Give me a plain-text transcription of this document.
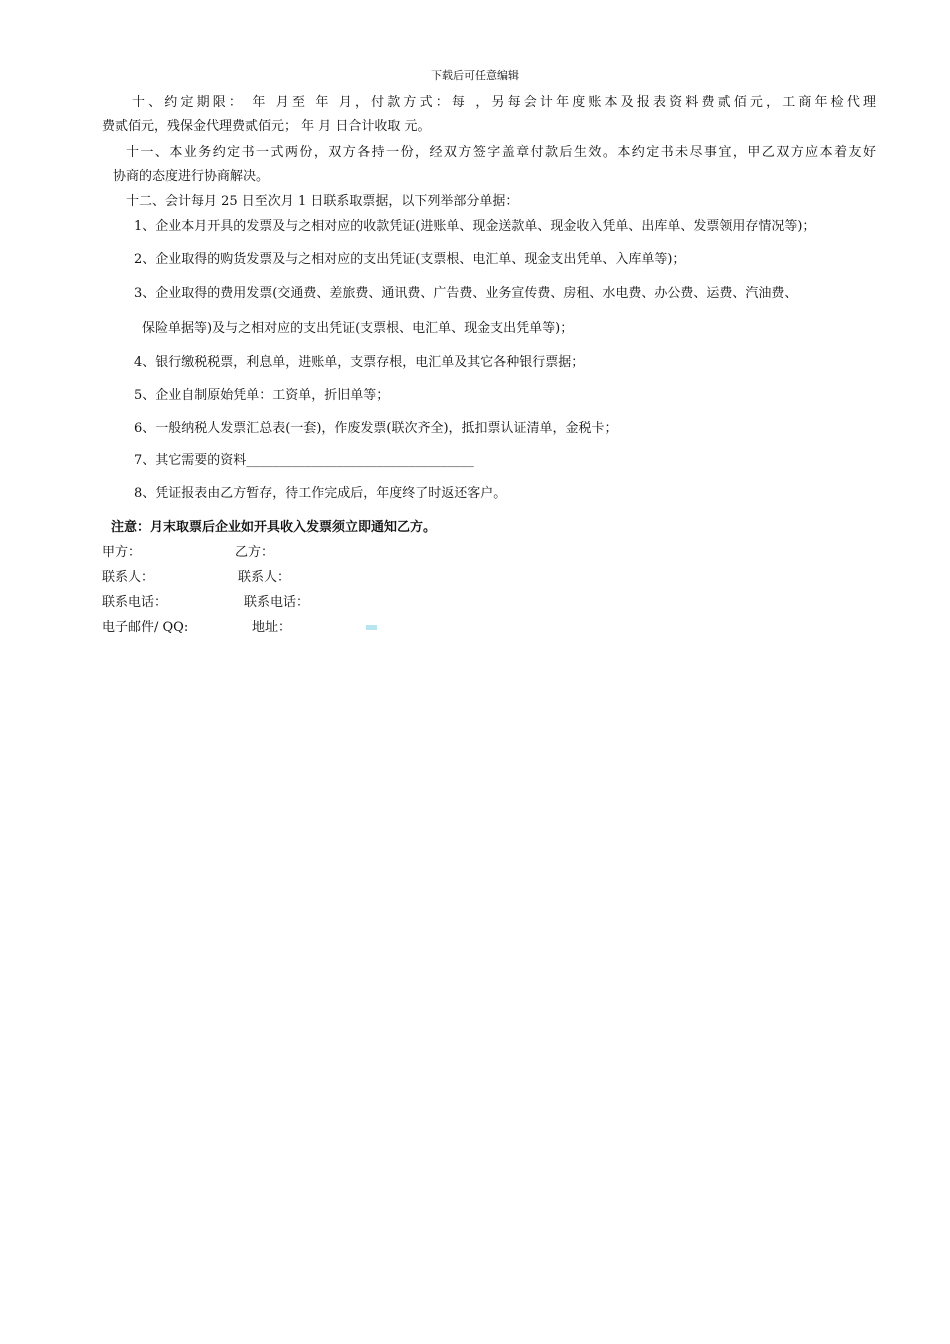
下载后可任意编辑
十、约定期限： 年 月至 年 月，付款方式：每 ，另每会计年度账本及报表资料费贰佰元，工商年检代理
费贰佰元，残保金代理费贰佰元； 年 月 日合计收取 元。
十一、本业务约定书一式两份，双方各持一份，经双方签字盖章付款后生效。本约定书未尽事宜，甲乙双方应本着友好
协商的态度进行协商解决。
十二、会计每月 25 日至次月 1 日联系取票据，以下列举部分单据：
1、企业本月开具的发票及与之相对应的收款凭证(进账单、现金送款单、现金收入凭单、出库单、发票领用存情况等)；
2、企业取得的购货发票及与之相对应的支出凭证(支票根、电汇单、现金支出凭单、入库单等)；
3、企业取得的费用发票(交通费、差旅费、通讯费、广告费、业务宣传费、房租、水电费、办公费、运费、汽油费、
保险单据等)及与之相对应的支出凭证(支票根、电汇单、现金支出凭单等)；
4、银行缴税税票，利息单，进账单，支票存根，电汇单及其它各种银行票据；
5、企业自制原始凭单：工资单，折旧单等；
6、一般纳税人发票汇总表(一套)，作废发票(联次齐全)，抵扣票认证清单，金税卡；
7、其它需要的资料___________________________________
8、凭证报表由乙方暂存，待工作完成后，年度终了时返还客户。
注意：月末取票后企业如开具收入发票须立即通知乙方。
甲方：	乙方：
联系人：	联系人：
联系电话：	联系电话：
电子邮件/ QQ:	地址：
